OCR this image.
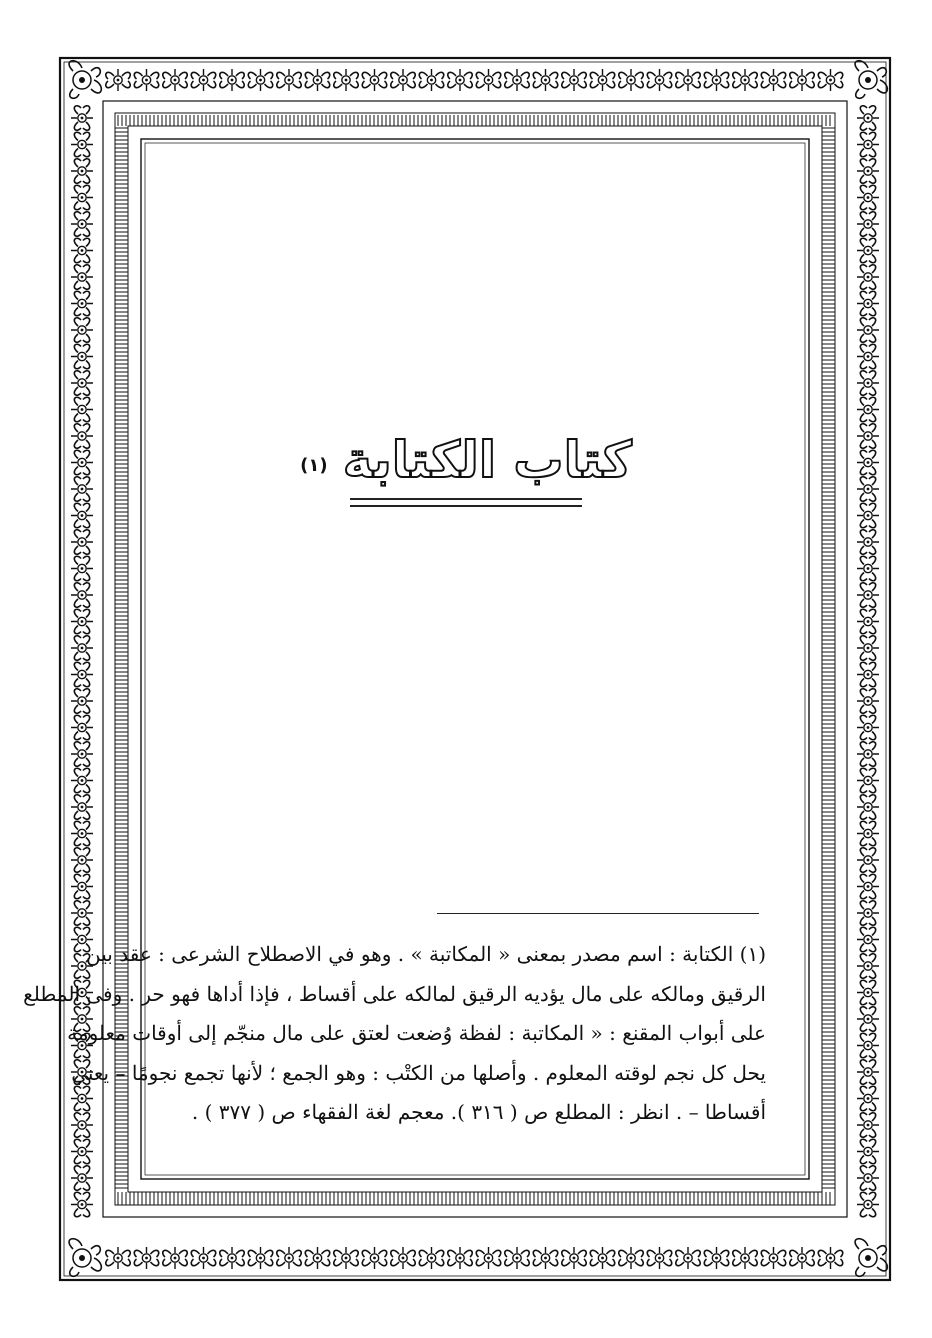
كتاب الكتابة (١)

(١) الكتابة : اسم مصدر بمعنى « المكاتبة » . وهو في الاصطلاح الشرعى : عقد بين

الرقيق ومالكه على مال يؤديه الرقيق لمالكه على أقساط ، فإذا أداها فهو حر . وفى المطلع

على أبواب المقنع : « المكاتبة : لفظة وُضعت لعتق على مال منجّم إلى أوقات معلومة

يحل كل نجم لوقته المعلوم . وأصلها من الكتْب : وهو الجمع ؛ لأنها تجمع نجومًا – يعني

أقساطا – . انظر : المطلع ص ( ٣١٦ ). معجم لغة الفقهاء ص ( ٣٧٧ ) .
